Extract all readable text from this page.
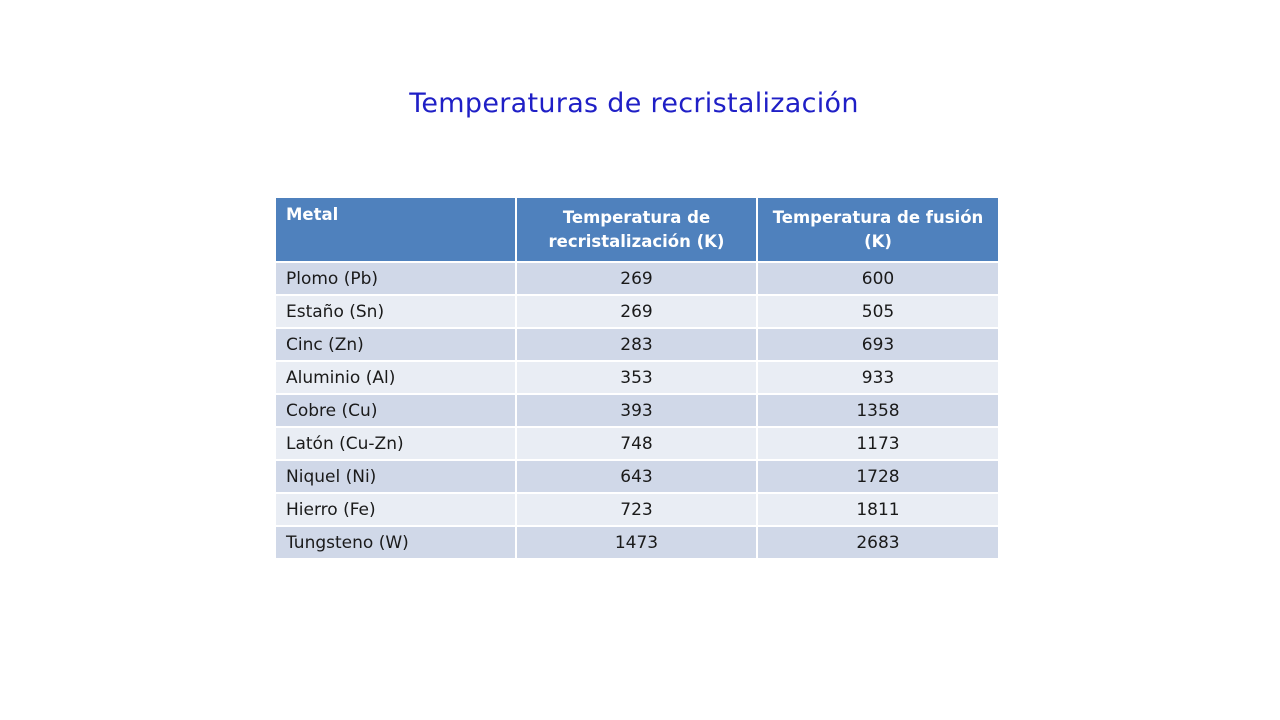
Temperaturas de recristalización
Metal	Temperatura de recristalización (K)	Temperatura de fusión (K)
Plomo (Pb)	269	600
Estaño (Sn)	269	505
Cinc (Zn)	283	693
Aluminio (Al)	353	933
Cobre (Cu)	393	1358
Latón (Cu-Zn)	748	1173
Niquel (Ni)	643	1728
Hierro (Fe)	723	1811
Tungsteno (W)	1473	2683
